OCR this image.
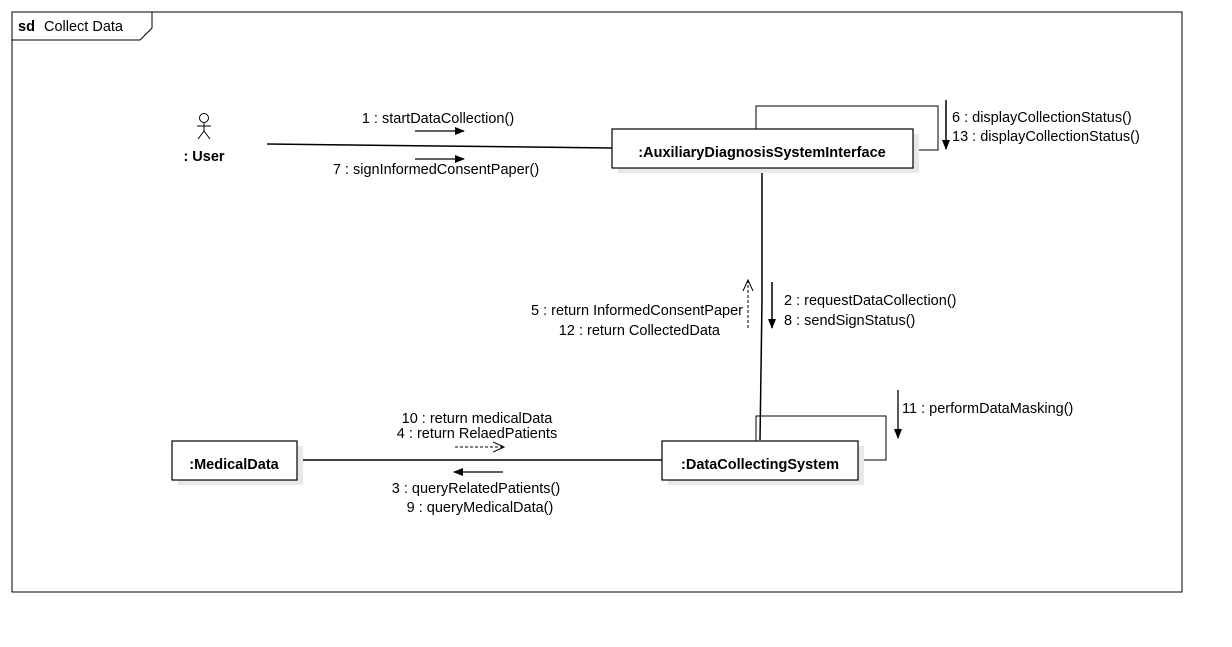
sd Collect Data
: User	:AuxiliaryDiagnosisSystemInterface
:DataCollectingSystem
:MedicalData
1 : startDataCollection()
7 : signInformedConsentPaper()
6 : displayCollectionStatus()
13 : displayCollectionStatus()
2 : requestDataCollection()
8 : sendSignStatus()
5 : return InformedConsentPaper
12 : return CollectedData
11 : performDataMasking()
10 : return medicalData
4 : return RelaedPatients
3 : queryRelatedPatients()
9 : queryMedicalData()
